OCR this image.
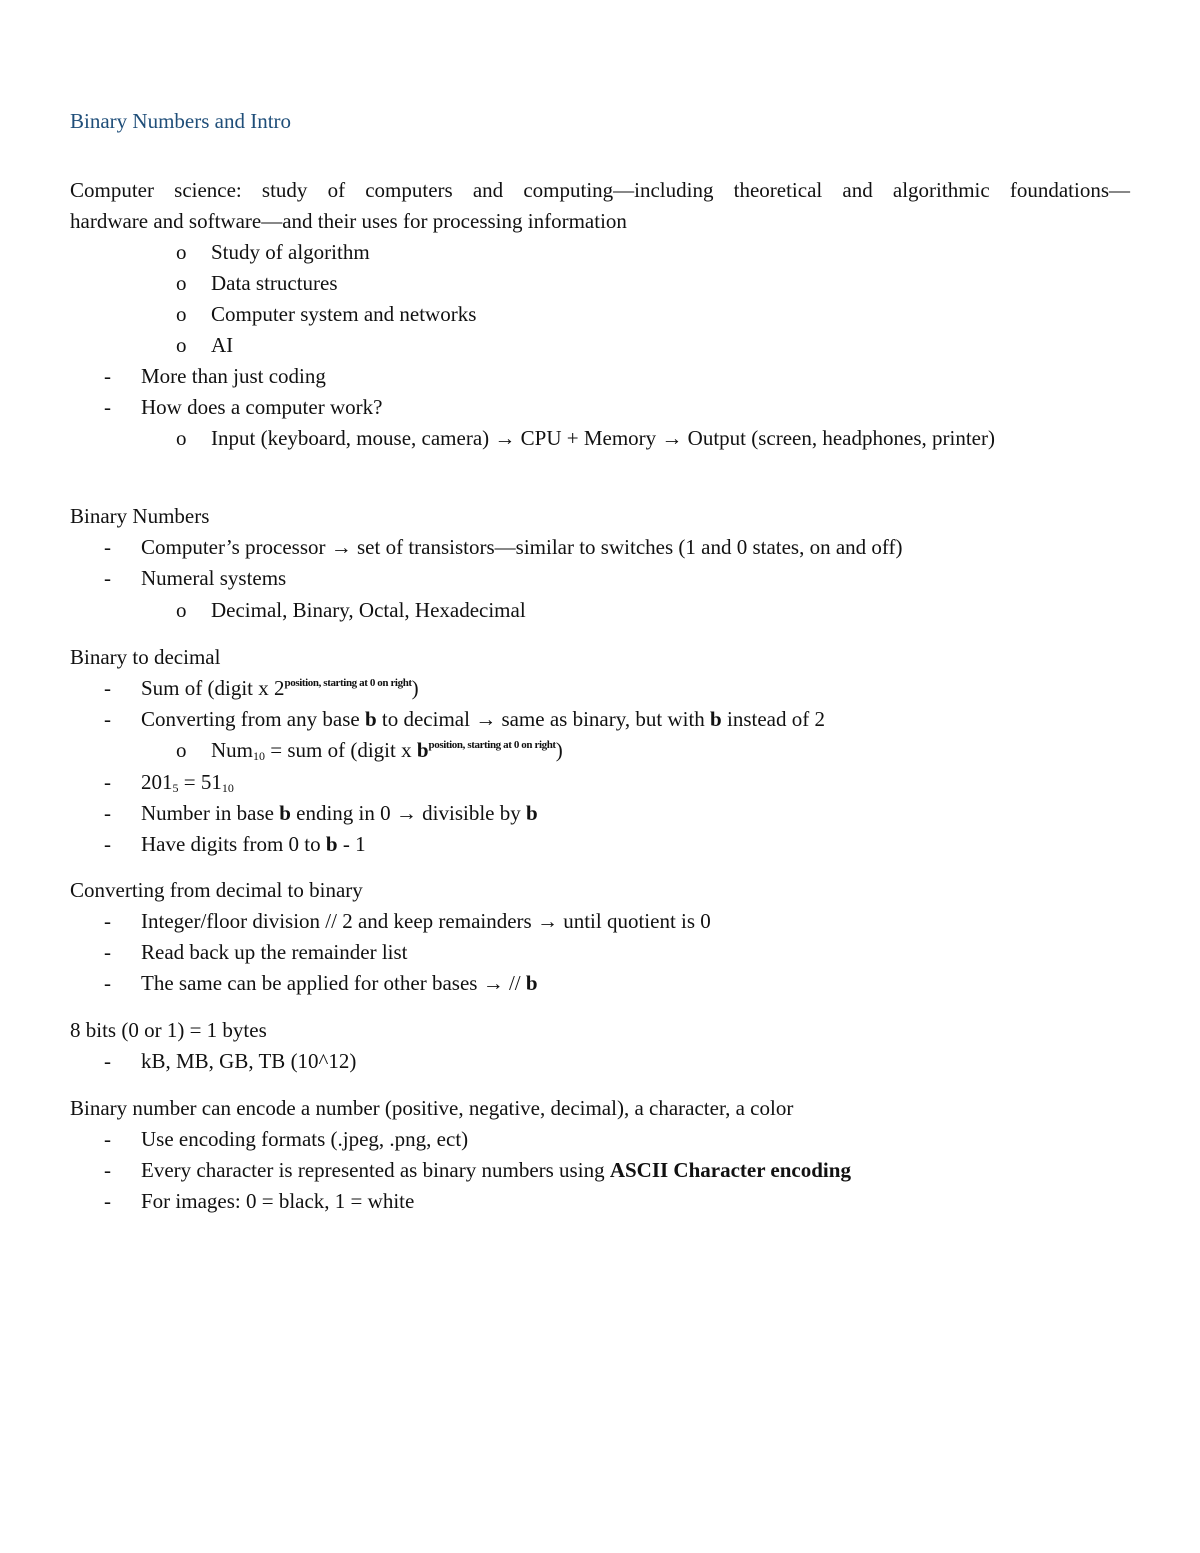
Binary Numbers and Intro
Computer science: study of computers and computing—including theoretical and algorithmic foundations—
hardware and software—and their uses for processing information
o Study of algorithm
o Data structures
o Computer system and networks
o AI
- More than just coding
- How does a computer work?
o Input (keyboard, mouse, camera) → CPU + Memory → Output (screen, headphones, printer)
Binary Numbers
- Computer’s processor → set of transistors—similar to switches (1 and 0 states, on and off)
- Numeral systems
o Decimal, Binary, Octal, Hexadecimal
Binary to decimal
- Sum of (digit x $2^{position, starting at 0 on right}$)
- Converting from any base b to decimal → same as binary, but with b instead of 2
o Num$_{10}$ = sum of (digit x $b^{position, starting at 0 on right}$)
- $201_5 = 51_{10}$
- Number in base b ending in 0 → divisible by b
- Have digits from 0 to b - 1
Converting from decimal to binary
- Integer/floor division // 2 and keep remainders → until quotient is 0
- Read back up the remainder list
- The same can be applied for other bases → // b
8 bits (0 or 1) = 1 bytes
- kB, MB, GB, TB (10^12)
Binary number can encode a number (positive, negative, decimal), a character, a color
- Use encoding formats (.jpeg, .png, ect)
- Every character is represented as binary numbers using ASCII Character encoding
- For images: 0 = black, 1 = white
